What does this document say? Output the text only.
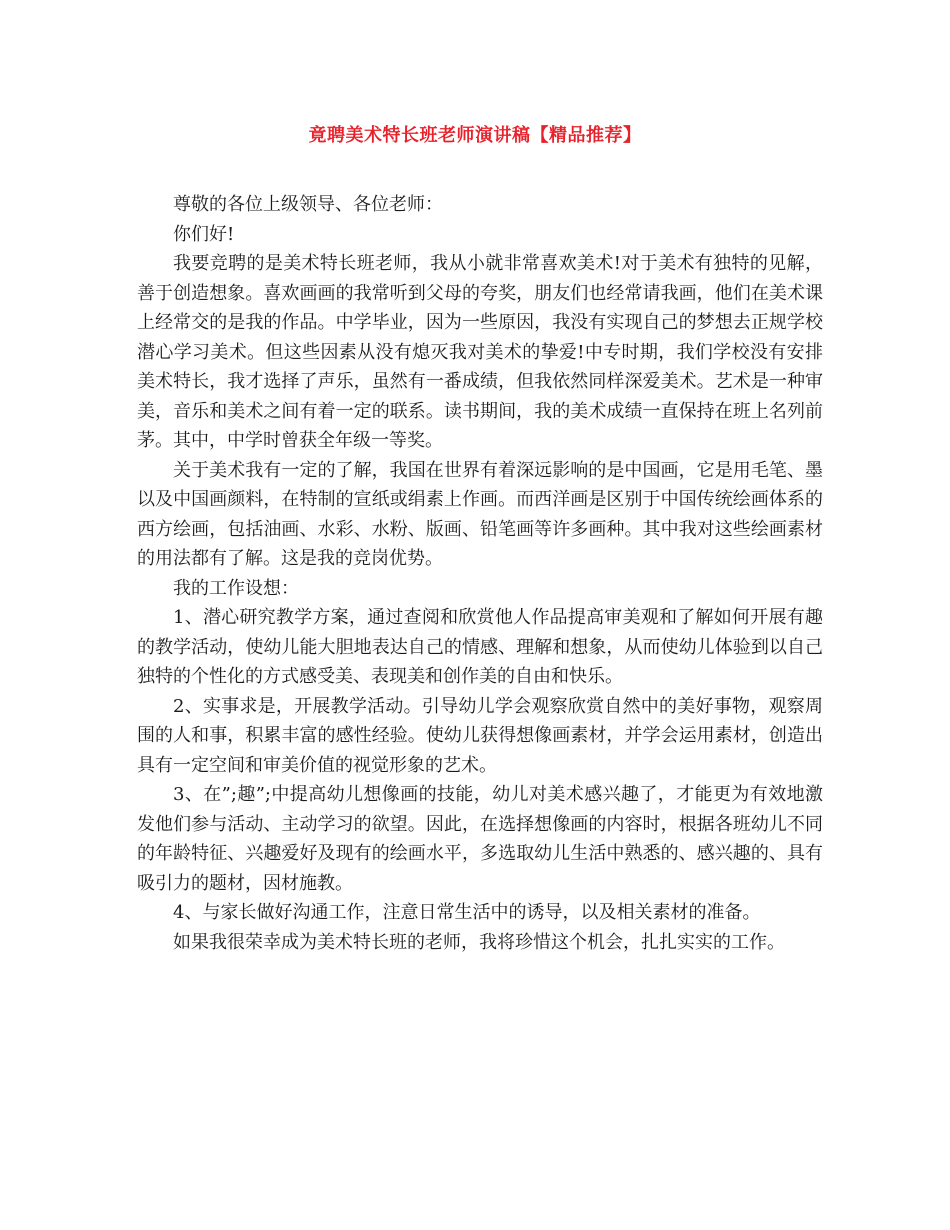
竟聘美术特长班老师演讲稿【精品推荐】

尊敬的各位上级领导、各位老师：

你们好!

我要竞聘的是美术特长班老师，我从小就非常喜欢美术!对于美术有独特的见解，善于创造想象。喜欢画画的我常听到父母的夸奖，朋友们也经常请我画，他们在美术课上经常交的是我的作品。中学毕业，因为一些原因，我没有实现自己的梦想去正规学校潜心学习美术。但这些因素从没有熄灭我对美术的挚爱!中专时期，我们学校没有安排美术特长，我才选择了声乐，虽然有一番成绩，但我依然同样深爱美术。艺术是一种审美，音乐和美术之间有着一定的联系。读书期间，我的美术成绩一直保持在班上名列前茅。其中，中学时曾获全年级一等奖。

关于美术我有一定的了解，我国在世界有着深远影响的是中国画，它是用毛笔、墨以及中国画颜料，在特制的宣纸或绢素上作画。而西洋画是区别于中国传统绘画体系的西方绘画，包括油画、水彩、水粉、版画、铅笔画等许多画种。其中我对这些绘画素材的用法都有了解。这是我的竞岗优势。

我的工作设想：

1、潜心研究教学方案，通过查阅和欣赏他人作品提高审美观和了解如何开展有趣的教学活动，使幼儿能大胆地表达自己的情感、理解和想象，从而使幼儿体验到以自己独特的个性化的方式感受美、表现美和创作美的自由和快乐。

2、实事求是，开展教学活动。引导幼儿学会观察欣赏自然中的美好事物，观察周围的人和事，积累丰富的感性经验。使幼儿获得想像画素材，并学会运用素材，创造出具有一定空间和审美价值的视觉形象的艺术。

3、在”;趣”;中提高幼儿想像画的技能，幼儿对美术感兴趣了，才能更为有效地激发他们参与活动、主动学习的欲望。因此，在选择想像画的内容时，根据各班幼儿不同的年龄特征、兴趣爱好及现有的绘画水平，多选取幼儿生活中熟悉的、感兴趣的、具有吸引力的题材，因材施教。

4、与家长做好沟通工作，注意日常生活中的诱导，以及相关素材的准备。

如果我很荣幸成为美术特长班的老师，我将珍惜这个机会，扎扎实实的工作。
